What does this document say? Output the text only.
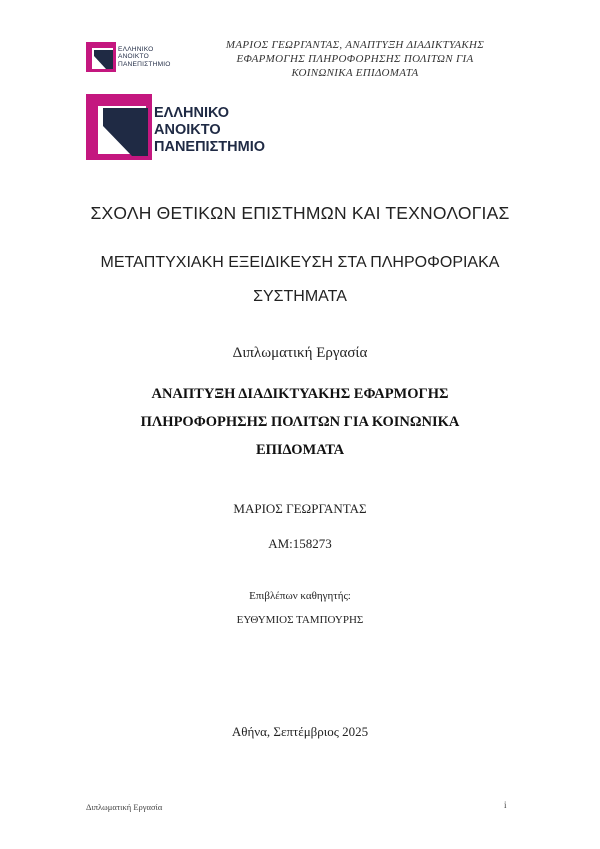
ΕΛΛΗΝΙΚΟ
ΑΝΟΙΚΤΟ
ΠΑΝΕΠΙΣΤΗΜΙΟ
ΜΑΡΙΟΣ ΓΕΩΡΓΑΝΤΑΣ, ΑΝΑΠΤΥΞΗ ΔΙΑΔΙΚΤΥΑΚΗΣ
ΕΦΑΡΜΟΓΗΣ ΠΛΗΡΟΦΟΡΗΣΗΣ ΠΟΛΙΤΩΝ ΓΙΑ
ΚΟΙΝΩΝΙΚΑ ΕΠΙΔΟΜΑΤΑ
ΕΛΛΗΝΙΚΟ
ΑΝΟΙΚΤΟ
ΠΑΝΕΠΙΣΤΗΜΙΟ
ΣΧΟΛΗ ΘΕΤΙΚΩΝ ΕΠΙΣΤΗΜΩΝ ΚΑΙ ΤΕΧΝΟΛΟΓΙΑΣ
ΜΕΤΑΠΤΥΧΙΑΚΗ ΕΞΕΙΔΙΚΕΥΣΗ ΣΤΑ ΠΛΗΡΟΦΟΡΙΑΚΑ
ΣΥΣΤΗΜΑΤΑ
Διπλωματική Εργασία
ΑΝΑΠΤΥΞΗ ΔΙΑΔΙΚΤΥΑΚΗΣ ΕΦΑΡΜΟΓΗΣ
ΠΛΗΡΟΦΟΡΗΣΗΣ ΠΟΛΙΤΩΝ ΓΙΑ ΚΟΙΝΩΝΙΚΑ
ΕΠΙΔΟΜΑΤΑ
ΜΑΡΙΟΣ ΓΕΩΡΓΑΝΤΑΣ
ΑΜ:158273
Επιβλέπων καθηγητής:
ΕΥΘΥΜΙΟΣ ΤΑΜΠΟΥΡΗΣ
Αθήνα, Σεπτέμβριος 2025
Διπλωματική Εργασία	i
